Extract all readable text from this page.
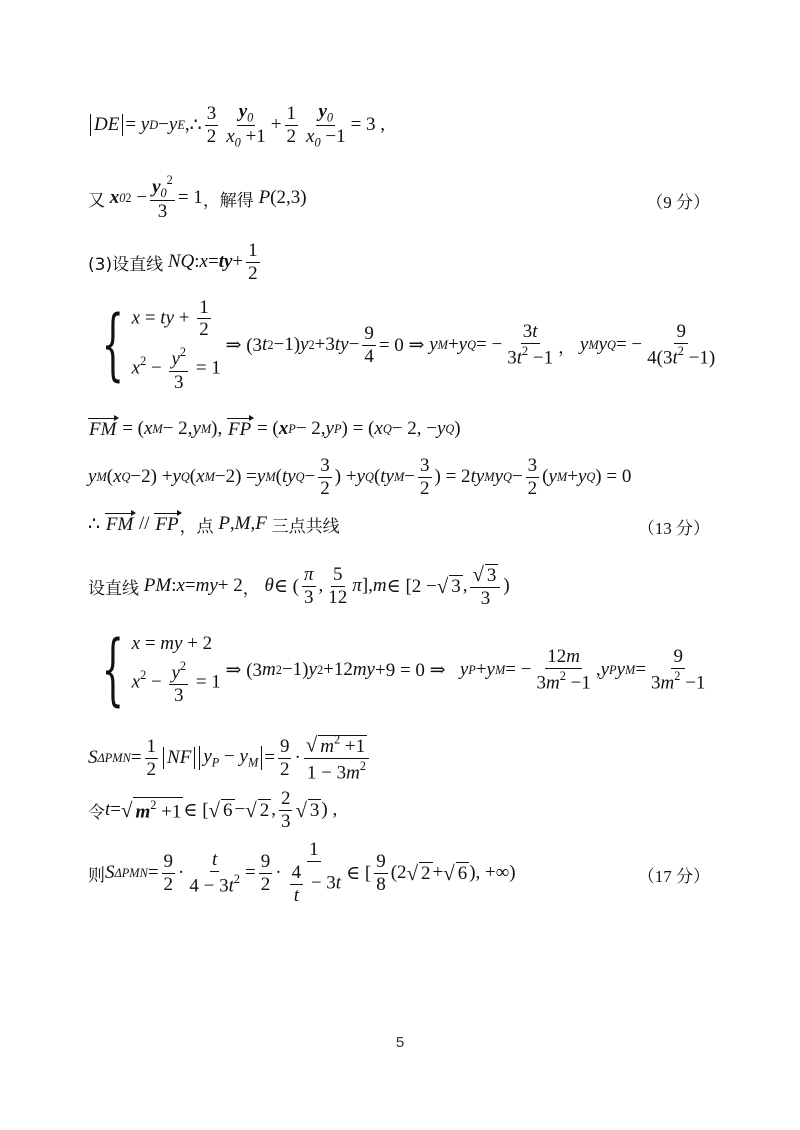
DE = y D − y E , ∴ $\frac{3}{2} \frac{y_0}{x_0 +1} + \frac{1}{2} \frac{y_0}{x_0 -1} = 3$ ,
又 x 0 $2 - \frac{y_0^2}{3} = 1$ ，解得
P (2,3)	（9 分）
(3)设直线
NQ : x = ty + $\frac{1}{2}$
{ x = ty + $\frac{1}{2}$
$x^2 - \frac{y^2}{3} = 1$
⇒ (3 t 2 −1) y 2 +3 ty − $\frac{9}{4} = 0$ ⇒ y M + y Q = − $\frac{3t}{3t^2 -1}$ ，
y M y Q = − $\frac{9}{4(3t^2 -1)}$
FM = ( x M − 2, y M ), FP = ( x P − 2, y P ) = ( x Q − 2, − y Q )
y M ( x Q −2) + y Q ( x M −2) = y M ( ty $Q - \frac{3}{2}$ ) + y Q ( ty $M - \frac{3}{2}$ ) = 2 ty M y $Q - \frac{3}{2}$ ( y M + y Q ) = 0
∴ FM // FP ，点
P , M , F
三点共线	（13 分）
设直线
PM : x = my + 2 ，
θ ∈ ( $\frac{\pi}{3}$ , $\frac{5}{12}$ π ], m ∈ [2 − √ 3 , $\frac{√ 3}{3}$ )
{ x = my + 2
$x^2 - \frac{y^2}{3} = 1$
⇒ (3 m 2 −1) y 2 +12 my +9 = 0 ⇒ y P + y M = − $\frac{12m}{3m^2 -1}$ , y P y $M = \frac{9}{3m^2 -1}$
S $\Delta PMN = \frac{1}{2}$ NF $y_P - y_M = \frac{9}{2} \cdot \frac{√ m^2 +1}{1 - 3m^2}$
令 t = √ $m^2 +1$ ∈ [ √ 6 − √ 2 , $\frac{2}{3}$ √ 3 ) ,
则 S $\Delta PMN = \frac{9}{2} \cdot \frac{t}{4 - 3t^2} = \frac{9}{2} \cdot \frac{1}{\frac{4}{t} - 3t}$ ∈ [ $\frac{9}{8} (2$ √ 2 + √ 6 ), +∞)	（17 分）
5
